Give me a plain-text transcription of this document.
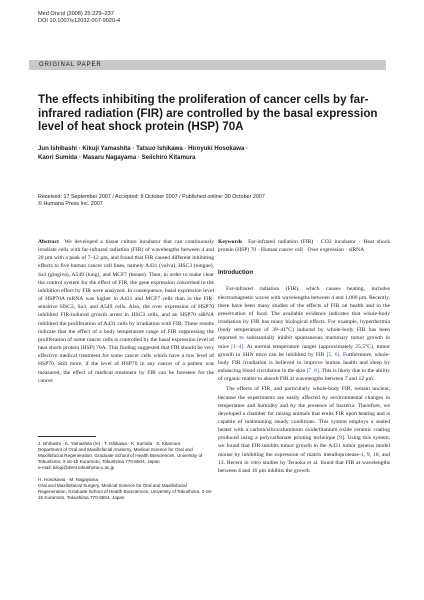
Med Oncol (2008) 25:229–237
DOI 10.1007/s12032-007-9020-4
ORIGINAL PAPER
The effects inhibiting the proliferation of cancer cells by far-infrared radiation (FIR) are controlled by the basal expression level of heat shock protein (HSP) 70A
Jun Ishibashi · Kikuji Yamashita · Tatsuo Ishikawa · Hiroyuki Hosokawa ·
Kaori Sumida · Masaru Nagayama · Seiichiro Kitamura
Received: 17 September 2007 / Accepted: 9 October 2007 / Published online: 30 October 2007
© Humana Press Inc. 2007

Abstract We developed a tissue culture incubator that can continuously irradiate cells with far-infrared radiation (FIR) of wavelengths between 4 and 20 μm with a peak of 7–12 μm, and found that FIR caused different inhibiting effects to five human cancer cell lines, namely A431 (vulva), HSC3 (tongue), Sa3 (gingiva), A549 (lung), and MCF7 (breast). Then, in order to make clear the control system for the effect of FIR, the gene expression concerned to the inhibition effect by FIR were analyzed. In consequence, basal expression level of HSP70A mRNA was higher in A431 and MCF7 cells than in the FIR-sensitive HSC3, Sa3, and A549 cells. Also, the over expression of HSP70 inhibited FIR-induced growth arrest in HSC3 cells, and an HSP70 siRNA inhibited the proliferation of A431 cells by irradiation with FIR. These results indicate that the effect of a body temperature range of FIR suppressing the proliferation of some cancer cells is controlled by the basal expression level of heat shock protein (HSP) 70A. This finding suggested that FIR should be very effective medical treatment for some cancer cells which have a low level of HSP70. Still more, if the level of HSP70 in any cancer of a patient was measured, the effect of medical treatment by FIR can be foreseen for the cancer.

Keywords Far-infrared radiation (FIR) · CO2 incubator · Heat shock protein (HSP) 70 · Human cancer cell · Over expression · siRNA

Introduction

Far-infrared radiation (FIR), which causes heating, includes electromagnetic waves with wavelengths between 4 and 1,000 μm. Recently, there have been many studies of the effects of FIR on health and in the preservation of food. The available evidence indicates that whole-body irradiation by FIR has many biological effects. For example, hyperthermia (body temperature of 39–41°C) induced by whole-body FIR has been reported to substantially inhibit spontaneous mammary tumor growth in mice [1–4]. At normal temperature ranges (approximately 25.5°C), tumor growth in SHN mice can be inhibited by FIR [5, 6]. Furthermore, whole-body FIR irradiation is believed to improve human health and sleep by enhancing blood circulation in the skin [7, 8]. This is likely due to the ability of organic matter to absorb FIR at wavelengths between 7 and 12 μm.

The effects of FIR, and particularly whole-body FIR, remain unclear, because the experiments are easily affected by environmental changes in temperature and humidity and by the presence of bacteria. Therefore, we developed a chamber for raising animals that emits FIR upon heating and is capable of maintaining steady conditions. This system employs a sealed heater with a carbon/silica/aluminum oxide/titanium oxide ceramic coating produced using a polycarbonate printing technique [9]. Using this system, we found that FIR inhibits tumor growth in the A431 tumor genesis model mouse by inhibiting the expression of matrix metalloprotease-1, 9, 10, and 13. Recent in vitro studies by Teraoka et al. found that FIR at wavelengths between 4 and 16 μm inhibits the growth

J. Ishibashi · K. Yamashita (✉) · T. Ishikawa · K. Sumida · S. Kitamura
Department of Oral and Maxillofacial Anatomy, Medical Science for Oral and Maxillofacial Regeneration, Graduate School of Health Biosciences, University of Tokushima, 3-18-15 Kuramoto, Tokushima 770-8504, Japan
e-mail: kikuji@dent.tokushima-u.ac.jp
H. Hosokawa · M. Nagayama
Oral and Maxillofacial Surgery, Medical Science for Oral and Maxillofacial Regeneration, Graduate School of Health Biosciences, University of Tokushima, 3-18-15 Kuramoto, Tokushima 770-8504, Japan
